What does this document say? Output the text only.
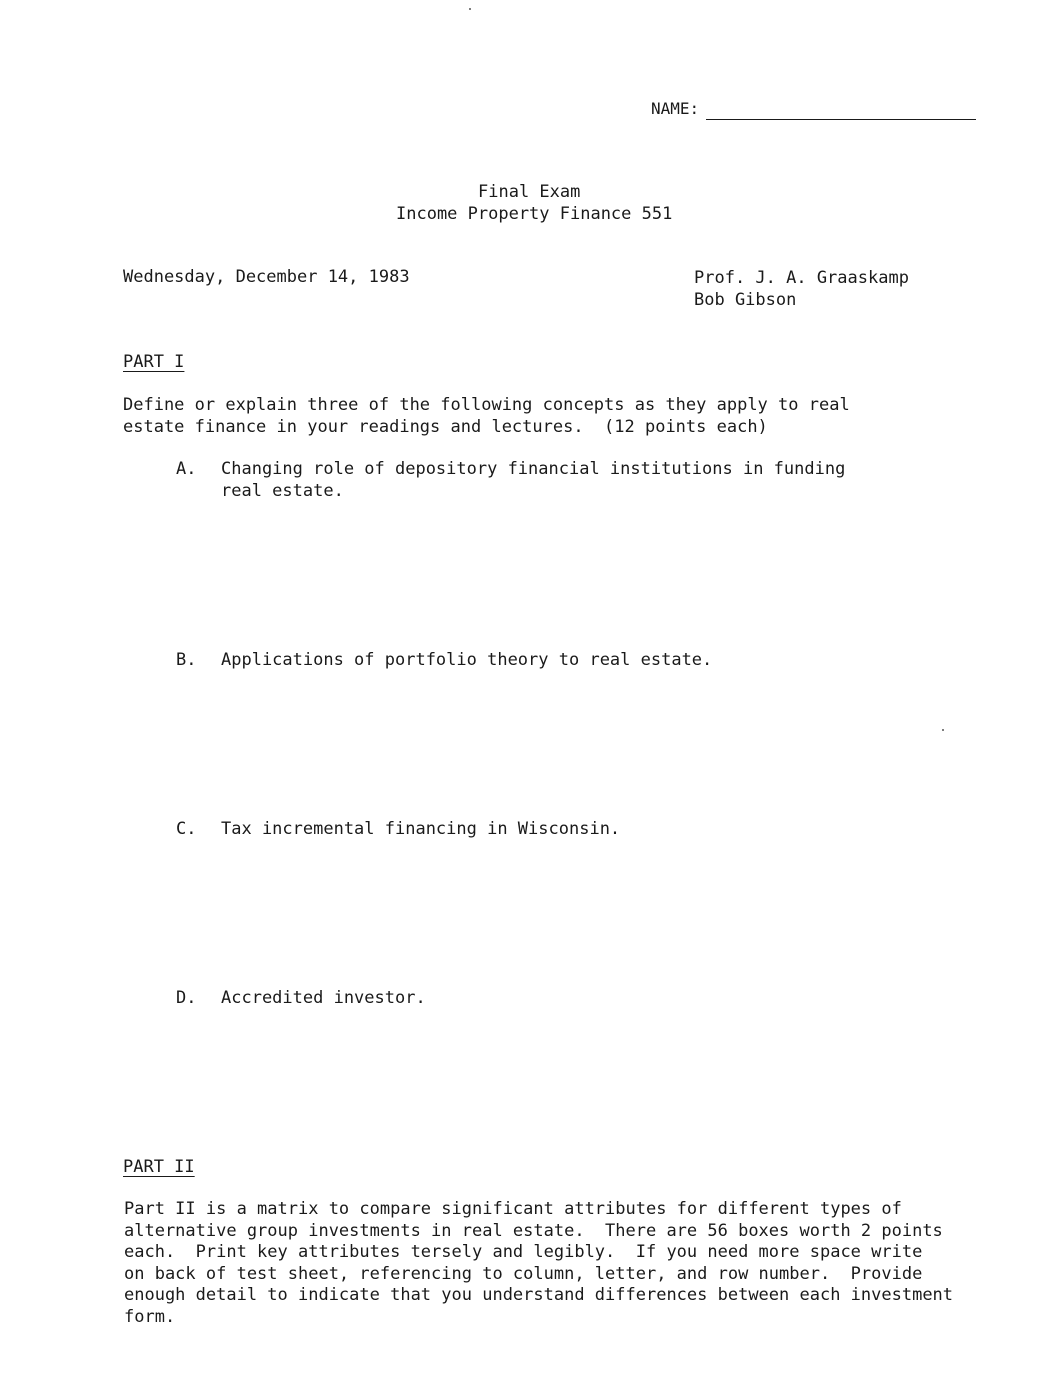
NAME:
Final Exam
Income Property Finance 551
Wednesday, December 14, 1983	Prof. J. A. Graaskamp
Bob Gibson
PART I
Define or explain three of the following concepts as they apply to real
estate finance in your readings and lectures.  (12 points each)
A. Changing role of depository financial institutions in funding
real estate.
B. Applications of portfolio theory to real estate.
C. Tax incremental financing in Wisconsin.
D. Accredited investor.
PART II
Part II is a matrix to compare significant attributes for different types of
alternative group investments in real estate.  There are 56 boxes worth 2 points
each.  Print key attributes tersely and legibly.  If you need more space write
on back of test sheet, referencing to column, letter, and row number.  Provide
enough detail to indicate that you understand differences between each investment
form.
